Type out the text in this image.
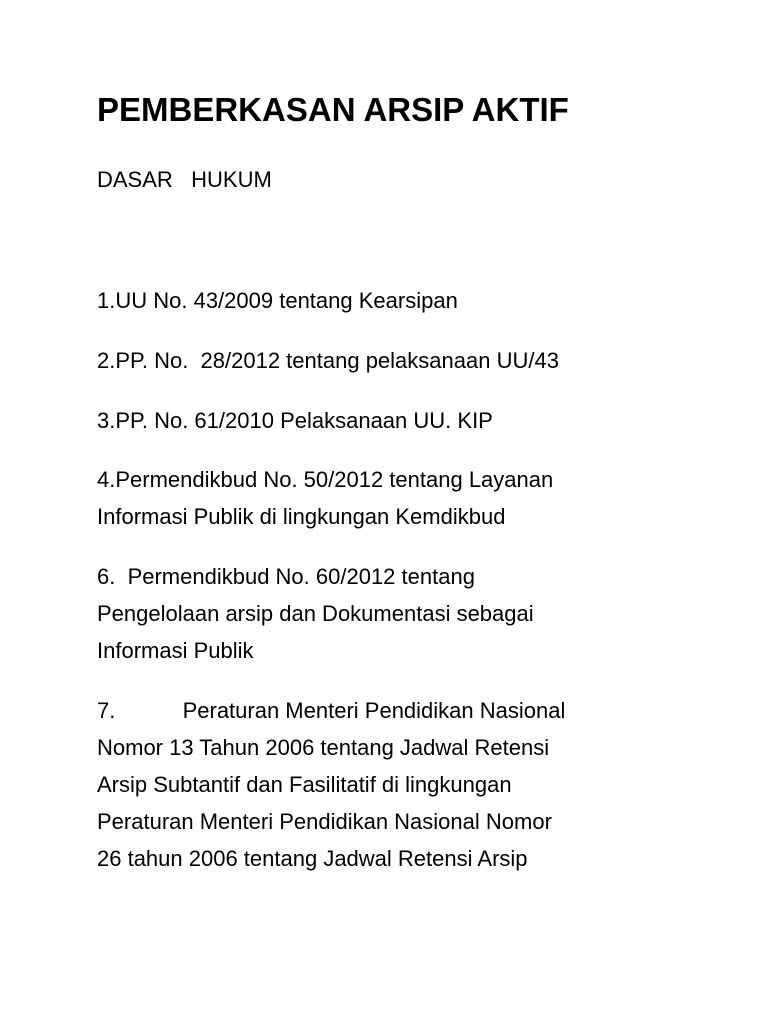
PEMBERKASAN ARSIP AKTIF

DASAR   HUKUM

1.UU No. 43/2009 tentang Kearsipan

2.PP. No.  28/2012 tentang pelaksanaan UU/43

3.PP. No. 61/2010 Pelaksanaan UU. KIP

4.Permendikbud No. 50/2012 tentang Layanan
Informasi Publik di lingkungan Kemdikbud

6.  Permendikbud No. 60/2012 tentang
Pengelolaan arsip dan Dokumentasi sebagai
Informasi Publik

7.           Peraturan Menteri Pendidikan Nasional
Nomor 13 Tahun 2006 tentang Jadwal Retensi
Arsip Subtantif dan Fasilitatif di lingkungan
Peraturan Menteri Pendidikan Nasional Nomor
26 tahun 2006 tentang Jadwal Retensi Arsip
